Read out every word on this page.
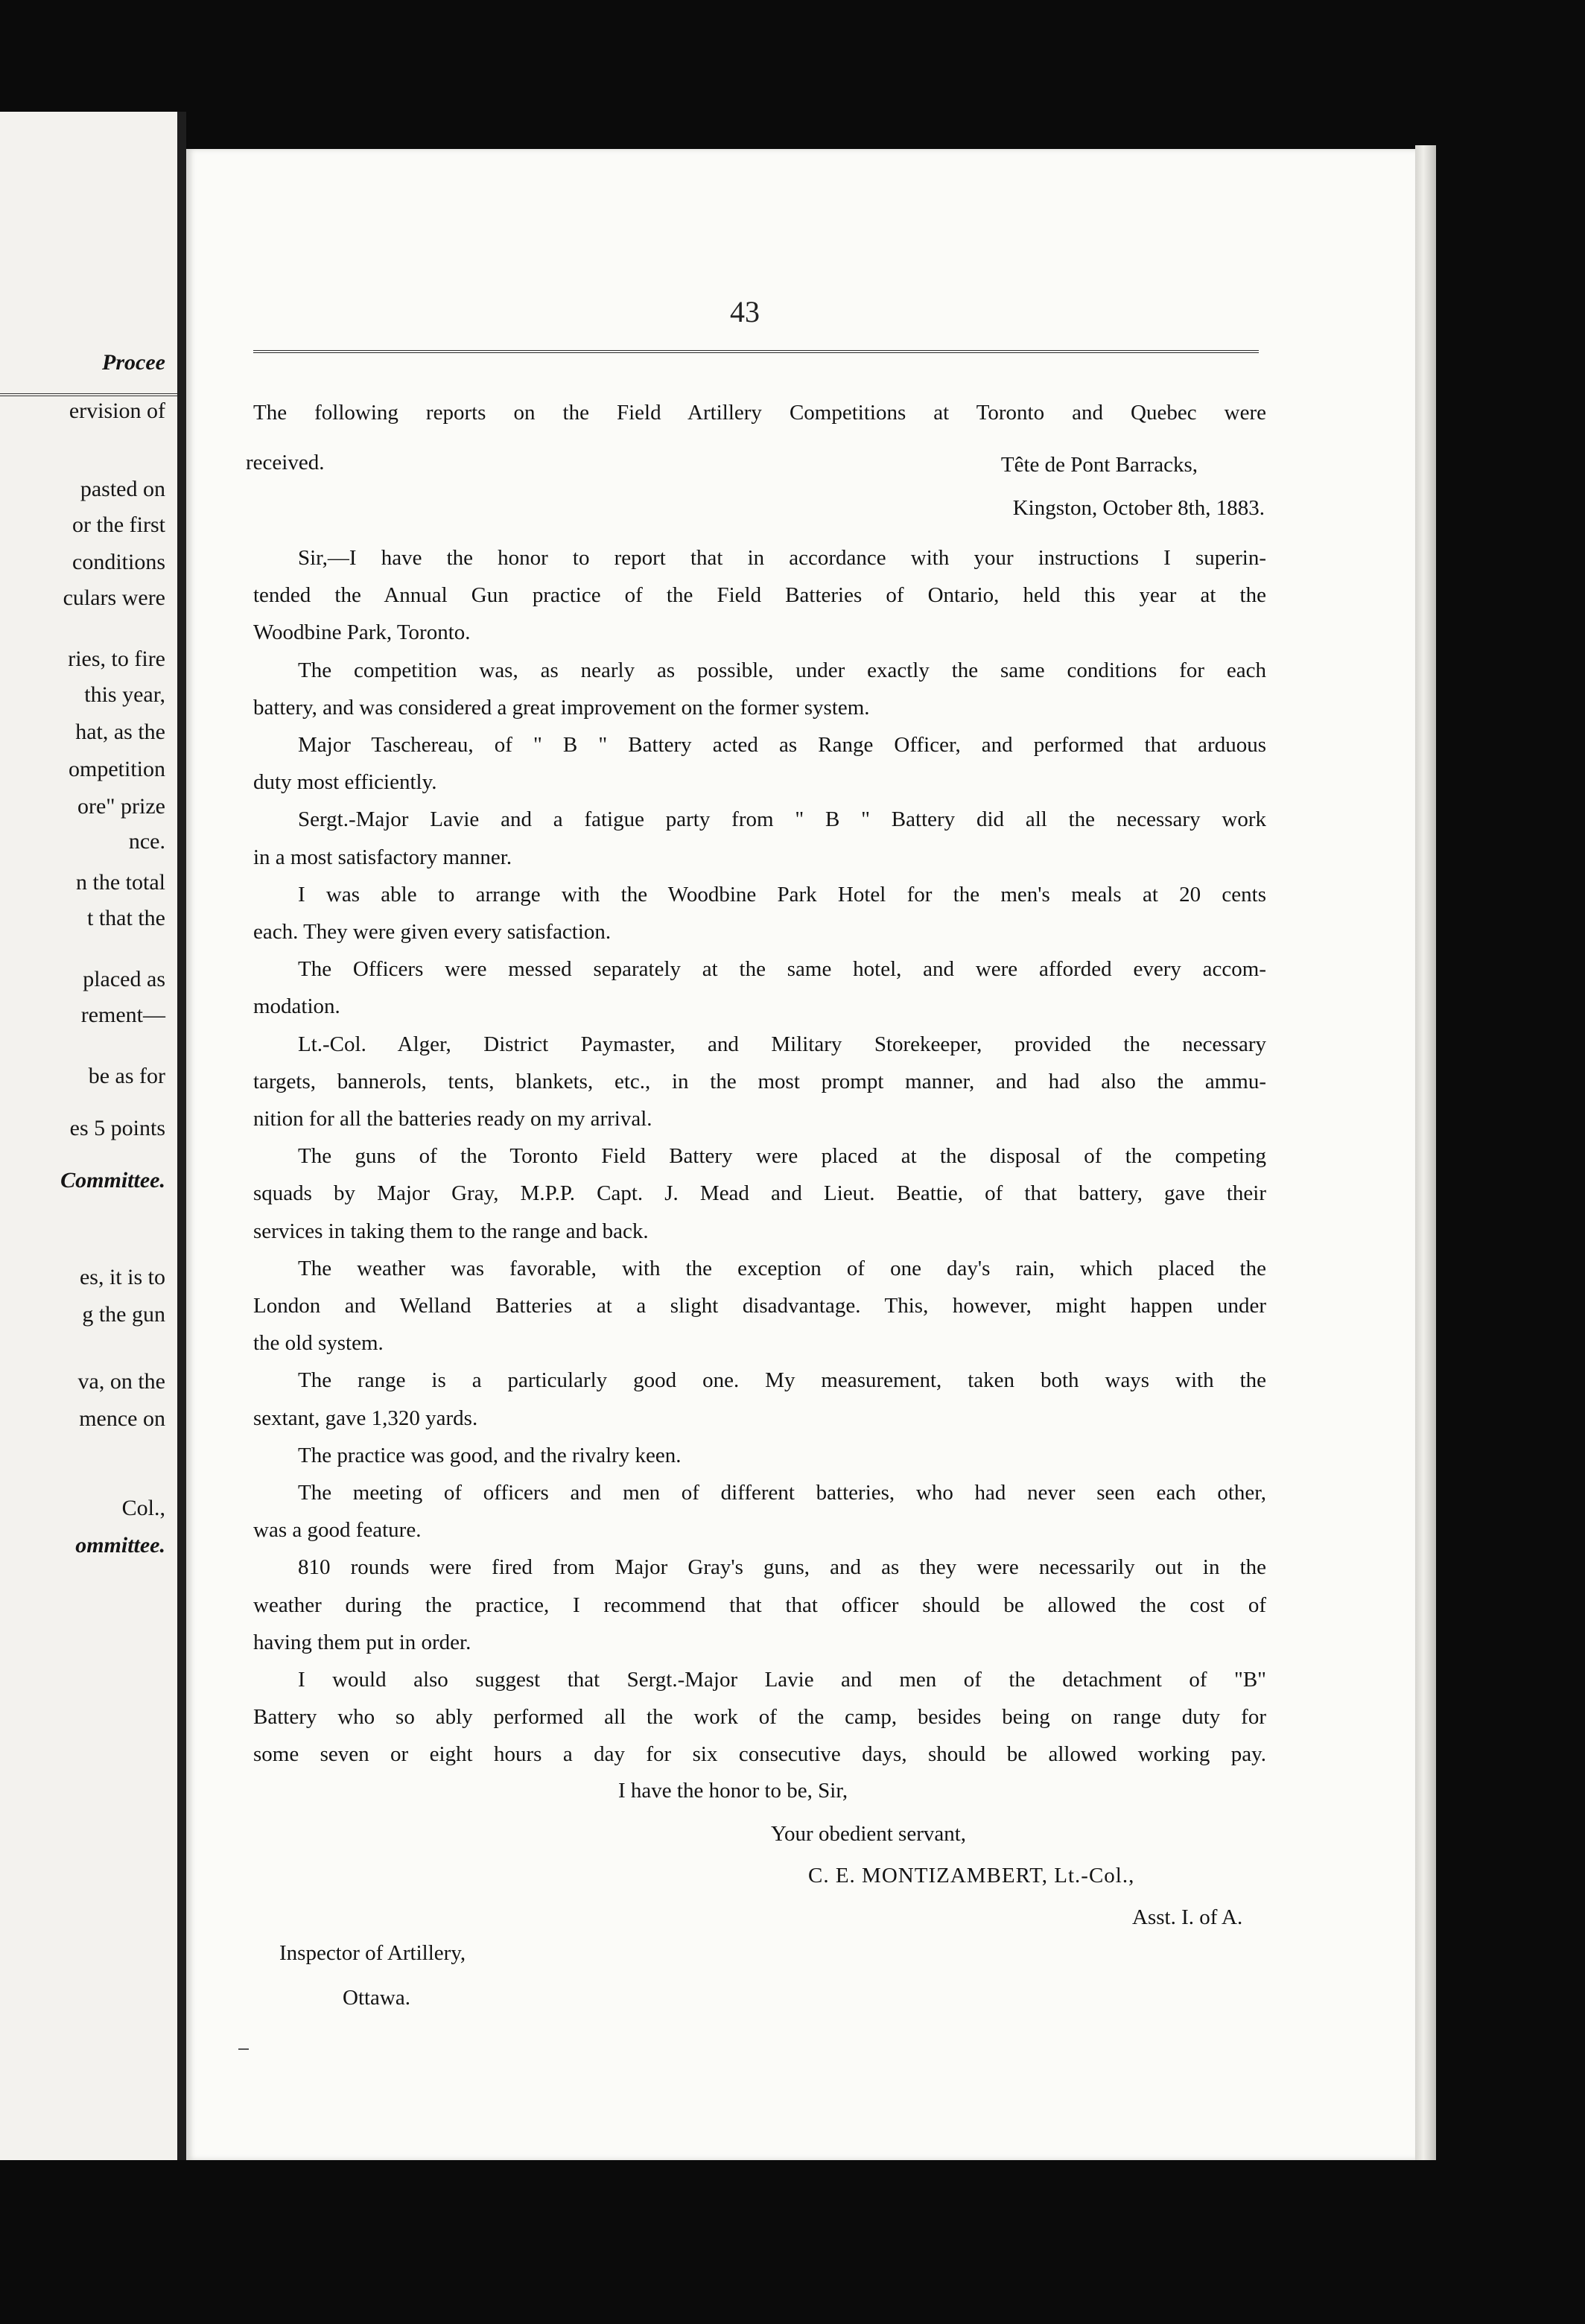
Procee
ervision of
pasted on
or the first
conditions
culars were
ries, to fire
this year,
hat, as the
ompetition
ore" prize
nce.
n the total
t that the
placed as
rement—
be as for
es 5 points
Committee.
es, it is to
g the gun
va, on the
mence on
Col.,
ommittee.
43
The following reports on the Field Artillery Competitions at Toronto and Quebec were
received.	Tête de Pont Barracks,
Kingston, October 8th, 1883.
Sir,—I have the honor to report that in accordance with your instructions I superin-
tended the Annual Gun practice of the Field Batteries of Ontario, held this year at the
Woodbine Park, Toronto.
The competition was, as nearly as possible, under exactly the same conditions for each
battery, and was considered a great improvement on the former system.
Major Taschereau, of " B " Battery acted as Range Officer, and performed that arduous
duty most efficiently.
Sergt.-Major Lavie and a fatigue party from " B " Battery did all the necessary work
in a most satisfactory manner.
I was able to arrange with the Woodbine Park Hotel for the men's meals at 20 cents
each. They were given every satisfaction.
The Officers were messed separately at the same hotel, and were afforded every accom-
modation.
Lt.-Col. Alger, District Paymaster, and Military Storekeeper, provided the necessary
targets, bannerols, tents, blankets, etc., in the most prompt manner, and had also the ammu-
nition for all the batteries ready on my arrival.
The guns of the Toronto Field Battery were placed at the disposal of the competing
squads by Major Gray, M.P.P. Capt. J. Mead and Lieut. Beattie, of that battery, gave their
services in taking them to the range and back.
The weather was favorable, with the exception of one day's rain, which placed the
London and Welland Batteries at a slight disadvantage. This, however, might happen under
the old system.
The range is a particularly good one. My measurement, taken both ways with the
sextant, gave 1,320 yards.
The practice was good, and the rivalry keen.
The meeting of officers and men of different batteries, who had never seen each other,
was a good feature.
810 rounds were fired from Major Gray's guns, and as they were necessarily out in the
weather during the practice, I recommend that that officer should be allowed the cost of
having them put in order.
I would also suggest that Sergt.-Major Lavie and men of the detachment of "B"
Battery who so ably performed all the work of the camp, besides being on range duty for
some seven or eight hours a day for six consecutive days, should be allowed working pay.
I have the honor to be, Sir,
Your obedient servant,
C. E. MONTIZAMBERT, Lt.-Col.,
Asst. I. of A.
Inspector of Artillery,
Ottawa.
